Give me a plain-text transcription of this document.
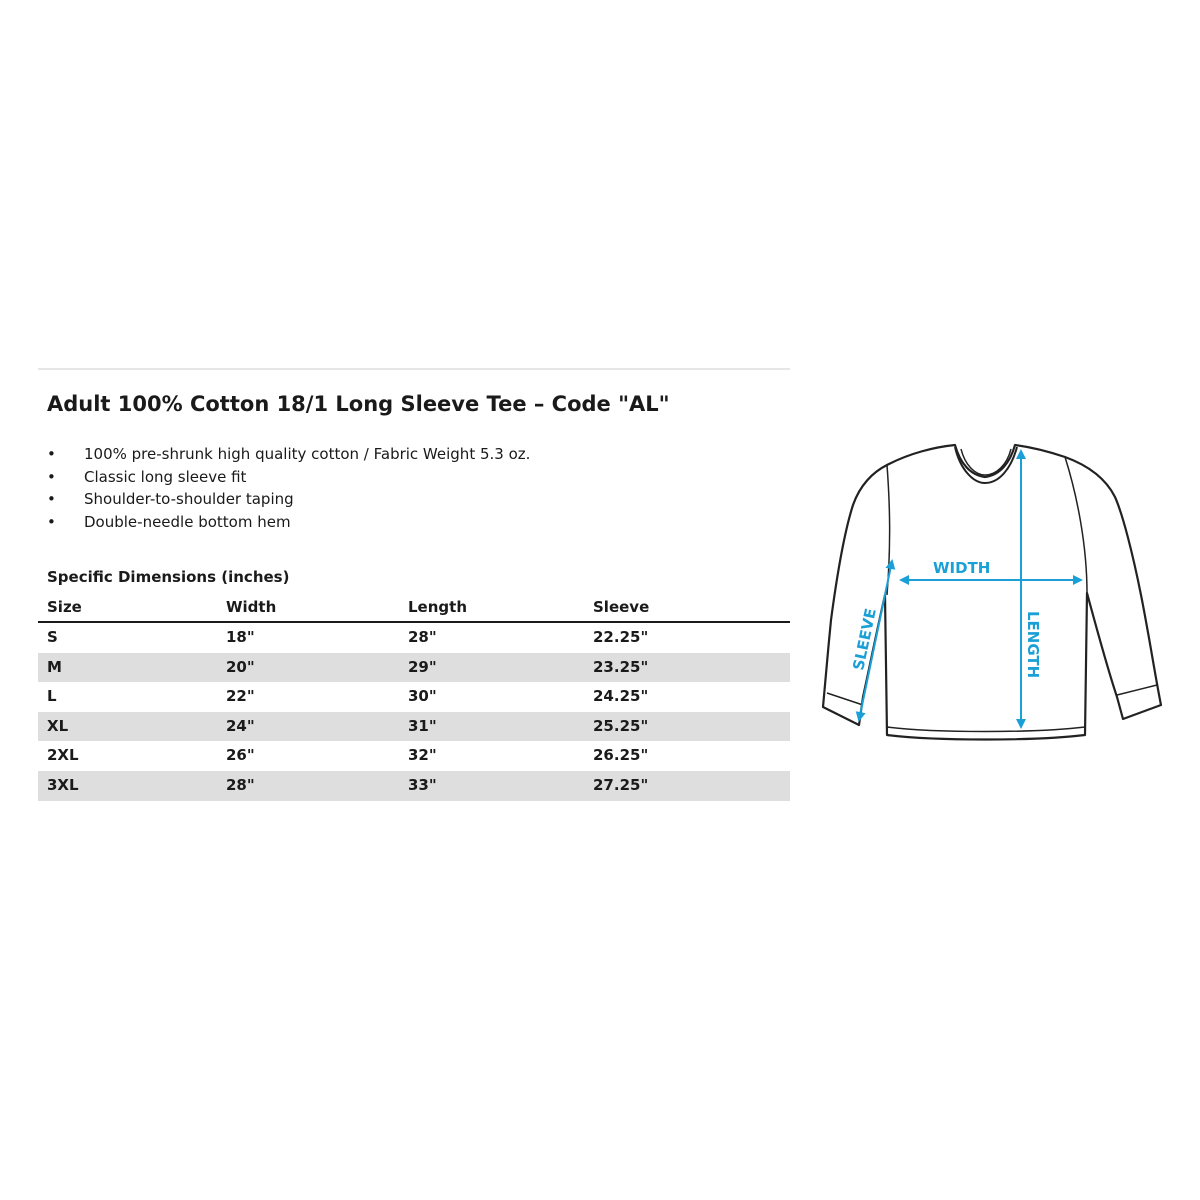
Adult 100% Cotton 18/1 Long Sleeve Tee – Code "AL"
• 100% pre-shrunk high quality cotton / Fabric Weight 5.3 oz.
• Classic long sleeve fit
• Shoulder-to-shoulder taping
• Double-needle bottom hem
Specific Dimensions (inches)
Size	Width	Length	Sleeve
S	18"	28"	22.25"
M	20"	29"	23.25"
L	22"	30"	24.25"
XL	24"	31"	25.25"
2XL	26"	32"	26.25"
3XL	28"	33"	27.25"
WIDTH
LENGTH
SLEEVE
